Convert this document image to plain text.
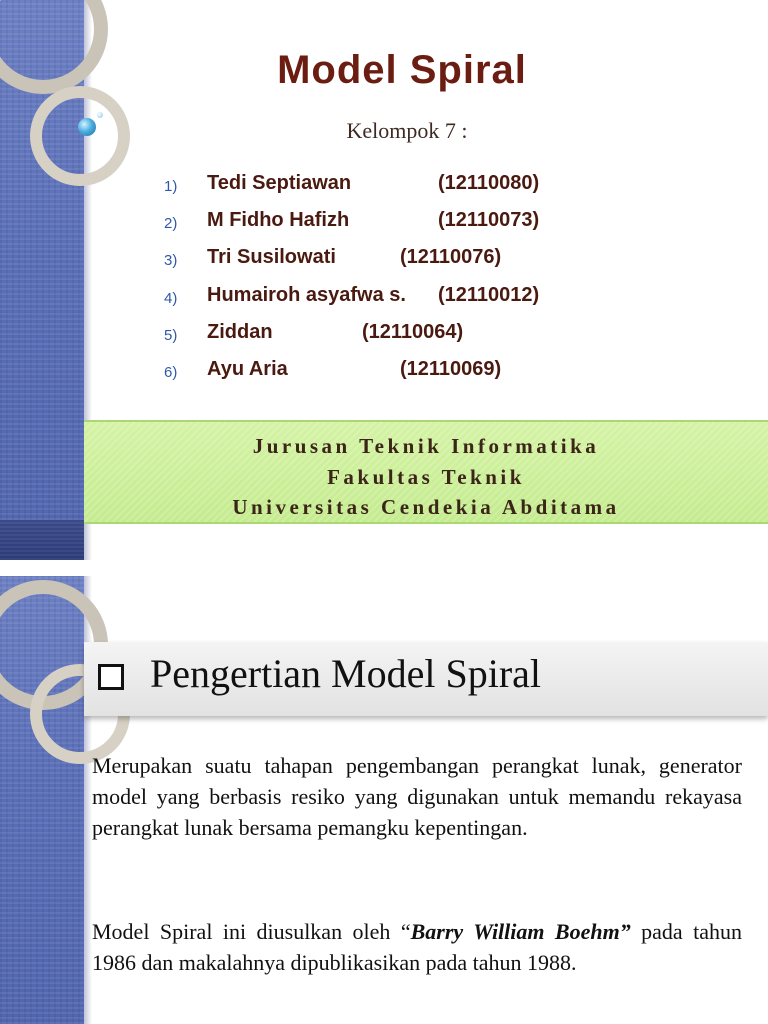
Model Spiral
Kelompok 7 :
1) Tedi Septiawan	(12110080)
2) M Fidho Hafizh	(12110073)
3) Tri Susilowati	(12110076)
4) Humairoh asyafwa s. (12110012)
5) Ziddan	(12110064)
6) Ayu Aria	(12110069)
Jurusan Teknik Informatika
Fakultas Teknik
Universitas Cendekia Abditama
Pengertian Model Spiral

Merupakan suatu tahapan pengembangan perangkat lunak, generator model yang berbasis resiko yang digunakan untuk memandu rekayasa perangkat lunak bersama pemangku kepentingan.

Model Spiral ini diusulkan oleh “Barry William Boehm” pada tahun 1986 dan makalahnya dipublikasikan pada tahun 1988.
